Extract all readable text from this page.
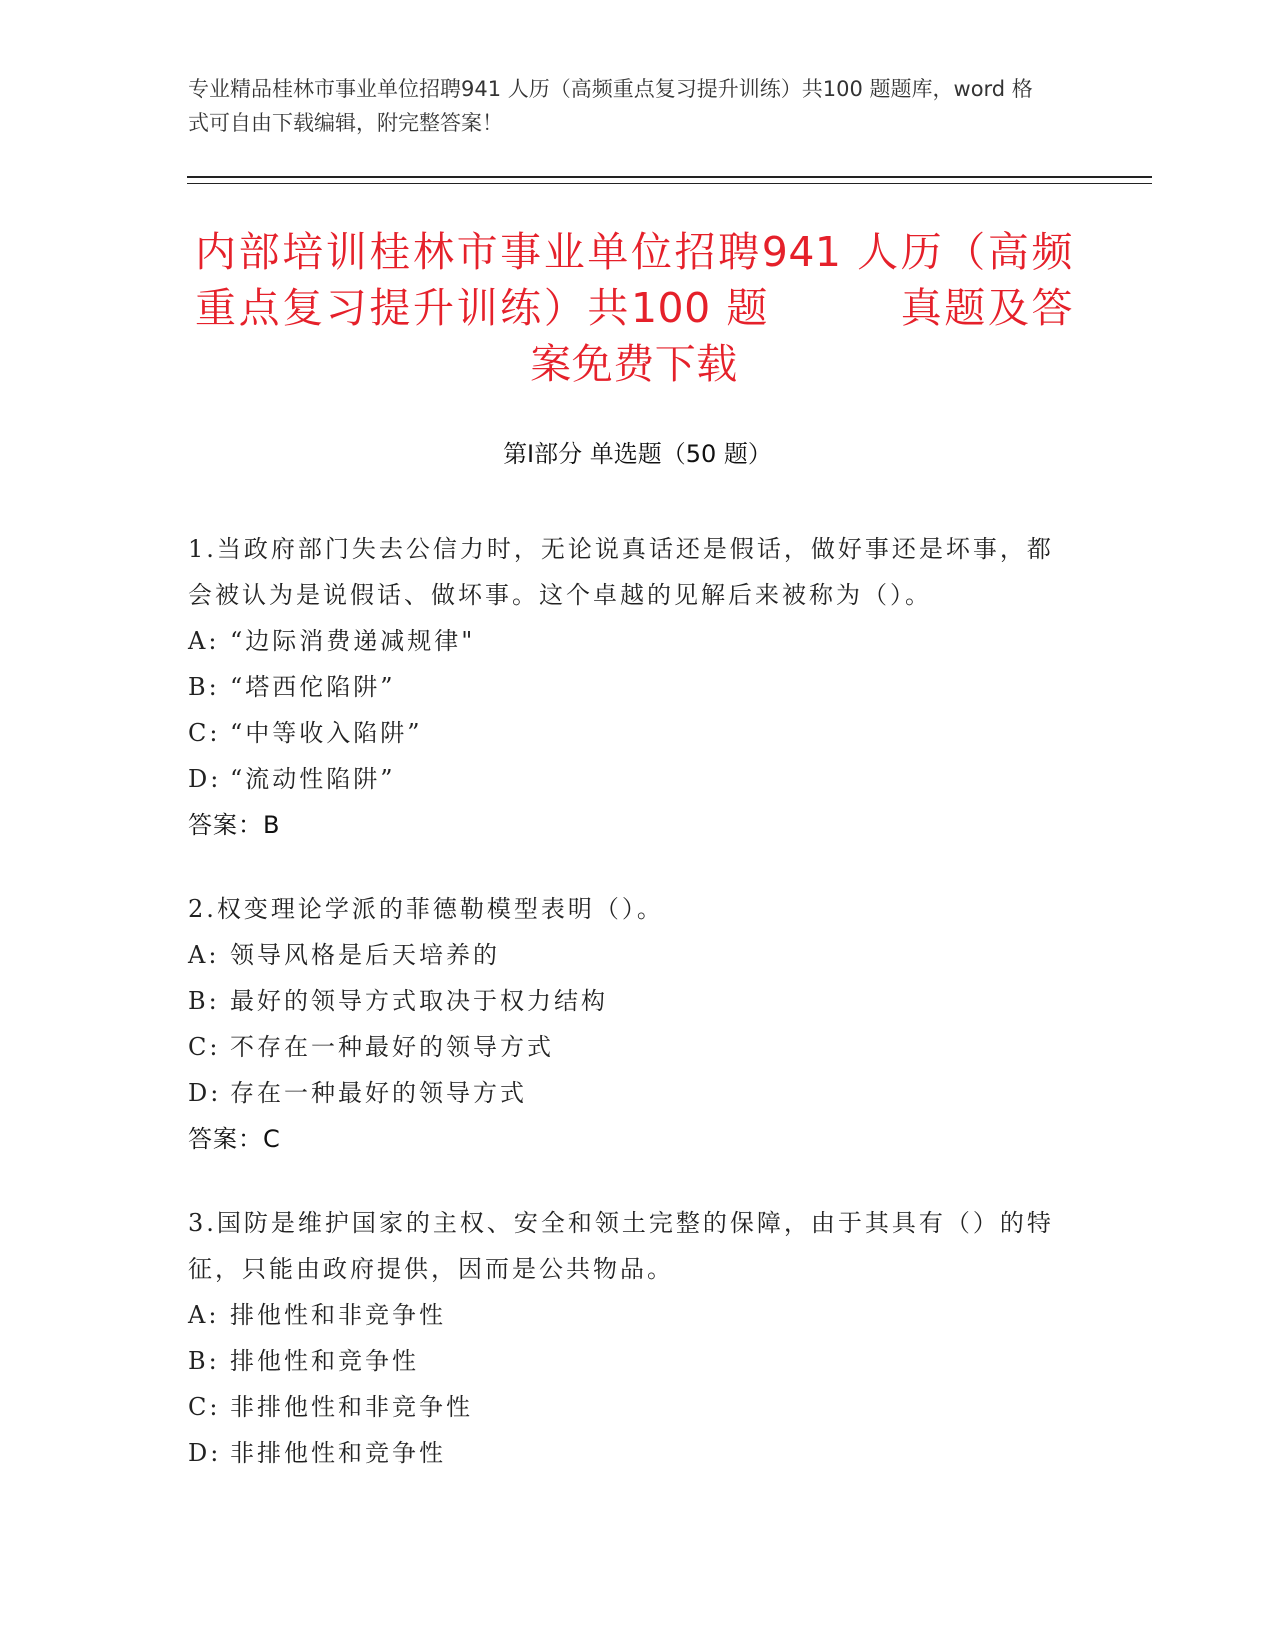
专业精品桂林市事业单位招聘941 人历（高频重点复习提升训练）共100 题题库，word 格式可自由下载编辑，附完整答案！
内部培训桂林市事业单位招聘941 人历（高频重点复习提升训练）共100 题　　　真题及答案免费下载
第Ⅰ部分 单选题（50 题）
1.当政府部门失去公信力时，无论说真话还是假话，做好事还是坏事，都会被认为是说假话、做坏事。这个卓越的见解后来被称为（）。
A: “边际消费递减规律"
B: “塔西佗陷阱”
C: “中等收入陷阱”
D: “流动性陷阱”
答案：B
2.权变理论学派的菲德勒模型表明（）。
A: 领导风格是后天培养的
B: 最好的领导方式取决于权力结构
C: 不存在一种最好的领导方式
D: 存在一种最好的领导方式
答案：C
3.国防是维护国家的主权、安全和领土完整的保障，由于其具有（）的特征，只能由政府提供，因而是公共物品。
A: 排他性和非竞争性
B: 排他性和竞争性
C: 非排他性和非竞争性
D: 非排他性和竞争性
